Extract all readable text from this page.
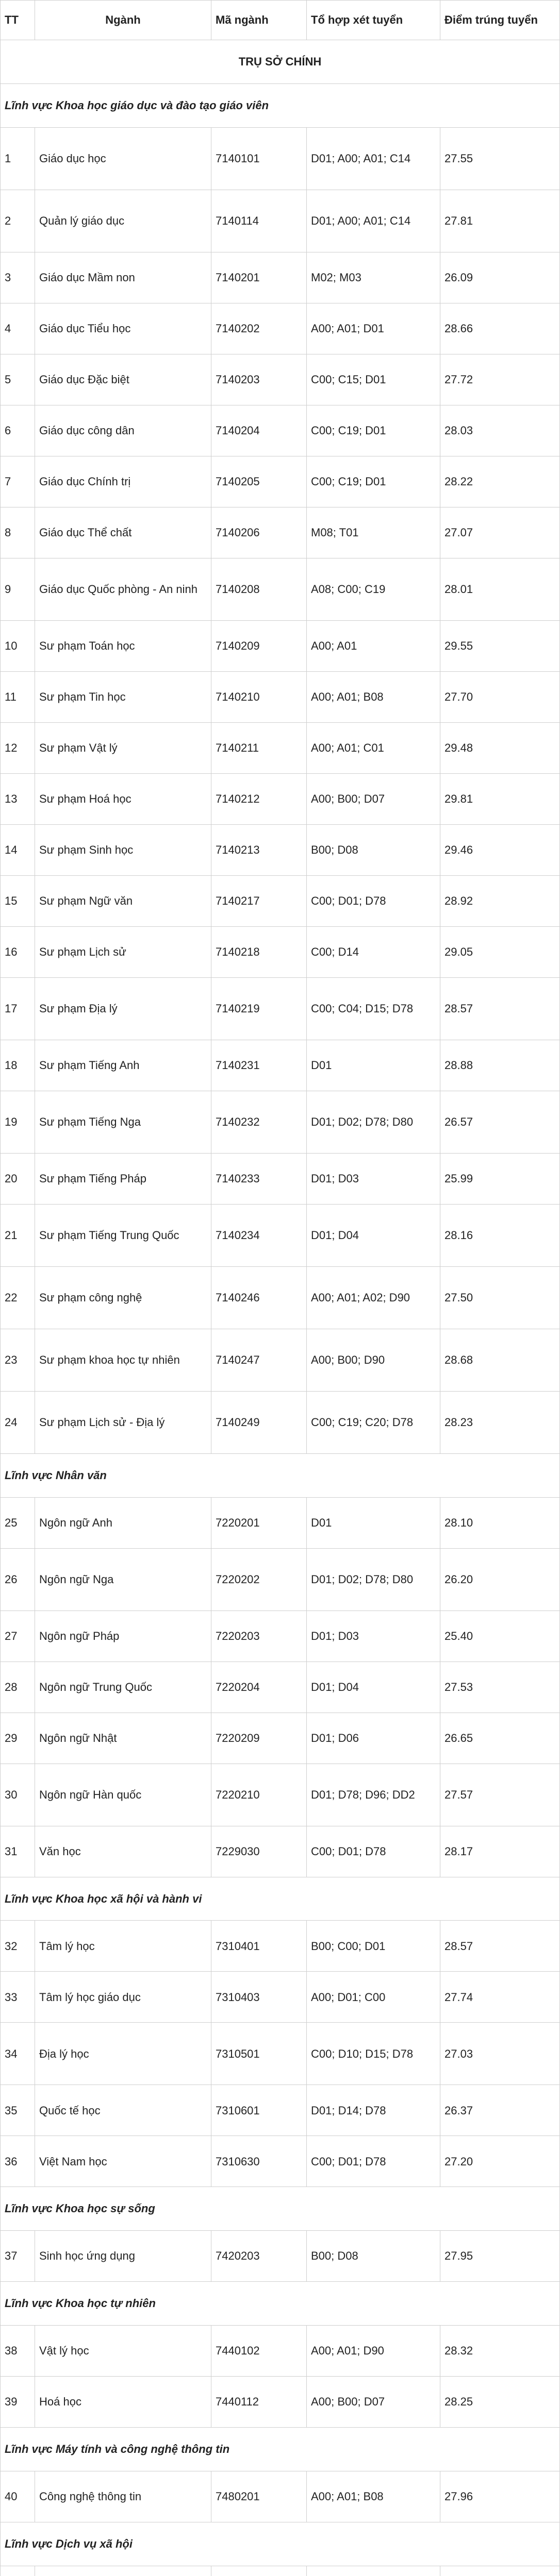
TT	Ngành	Mã ngành	Tổ hợp xét tuyển	Điểm trúng tuyển
TRỤ SỞ CHÍNH				
Lĩnh vực Khoa học giáo dục và đào tạo giáo viên				
1	Giáo dục học	7140101	D01; A00; A01; C14	27.55
2	Quản lý giáo dục	7140114	D01; A00; A01; C14	27.81
3	Giáo dục Mầm non	7140201	M02; M03	26.09
4	Giáo dục Tiểu học	7140202	A00; A01; D01	28.66
5	Giáo dục Đặc biệt	7140203	C00; C15; D01	27.72
6	Giáo dục công dân	7140204	C00; C19; D01	28.03
7	Giáo dục Chính trị	7140205	C00; C19; D01	28.22
8	Giáo dục Thể chất	7140206	M08; T01	27.07
9	Giáo dục Quốc phòng - An ninh	7140208	A08; C00; C19	28.01
10	Sư phạm Toán học	7140209	A00; A01	29.55
11	Sư phạm Tin học	7140210	A00; A01; B08	27.70
12	Sư phạm Vật lý	7140211	A00; A01; C01	29.48
13	Sư phạm Hoá học	7140212	A00; B00; D07	29.81
14	Sư phạm Sinh học	7140213	B00; D08	29.46
15	Sư phạm Ngữ văn	7140217	C00; D01; D78	28.92
16	Sư phạm Lịch sử	7140218	C00; D14	29.05
17	Sư phạm Địa lý	7140219	C00; C04; D15; D78	28.57
18	Sư phạm Tiếng Anh	7140231	D01	28.88
19	Sư phạm Tiếng Nga	7140232	D01; D02; D78; D80	26.57
20	Sư phạm Tiếng Pháp	7140233	D01; D03	25.99
21	Sư phạm Tiếng Trung Quốc	7140234	D01; D04	28.16
22	Sư phạm công nghệ	7140246	A00; A01; A02; D90	27.50
23	Sư phạm khoa học tự nhiên	7140247	A00; B00; D90	28.68
24	Sư phạm Lịch sử - Địa lý	7140249	C00; C19; C20; D78	28.23
Lĩnh vực Nhân văn				
25	Ngôn ngữ Anh	7220201	D01	28.10
26	Ngôn ngữ Nga	7220202	D01; D02; D78; D80	26.20
27	Ngôn ngữ Pháp	7220203	D01; D03	25.40
28	Ngôn ngữ Trung Quốc	7220204	D01; D04	27.53
29	Ngôn ngữ Nhật	7220209	D01; D06	26.65
30	Ngôn ngữ Hàn quốc	7220210	D01; D78; D96; DD2	27.57
31	Văn học	7229030	C00; D01; D78	28.17
Lĩnh vực Khoa học xã hội và hành vi				
32	Tâm lý học	7310401	B00; C00; D01	28.57
33	Tâm lý học giáo dục	7310403	A00; D01; C00	27.74
34	Địa lý học	7310501	C00; D10; D15; D78	27.03
35	Quốc tế học	7310601	D01; D14; D78	26.37
36	Việt Nam học	7310630	C00; D01; D78	27.20
Lĩnh vực Khoa học sự sống				
37	Sinh học ứng dụng	7420203	B00; D08	27.95
Lĩnh vực Khoa học tự nhiên				
38	Vật lý học	7440102	A00; A01; D90	28.32
39	Hoá học	7440112	A00; B00; D07	28.25
Lĩnh vực Máy tính và công nghệ thông tin				
40	Công nghệ thông tin	7480201	A00; A01; B08	27.96
Lĩnh vực Dịch vụ xã hội				
